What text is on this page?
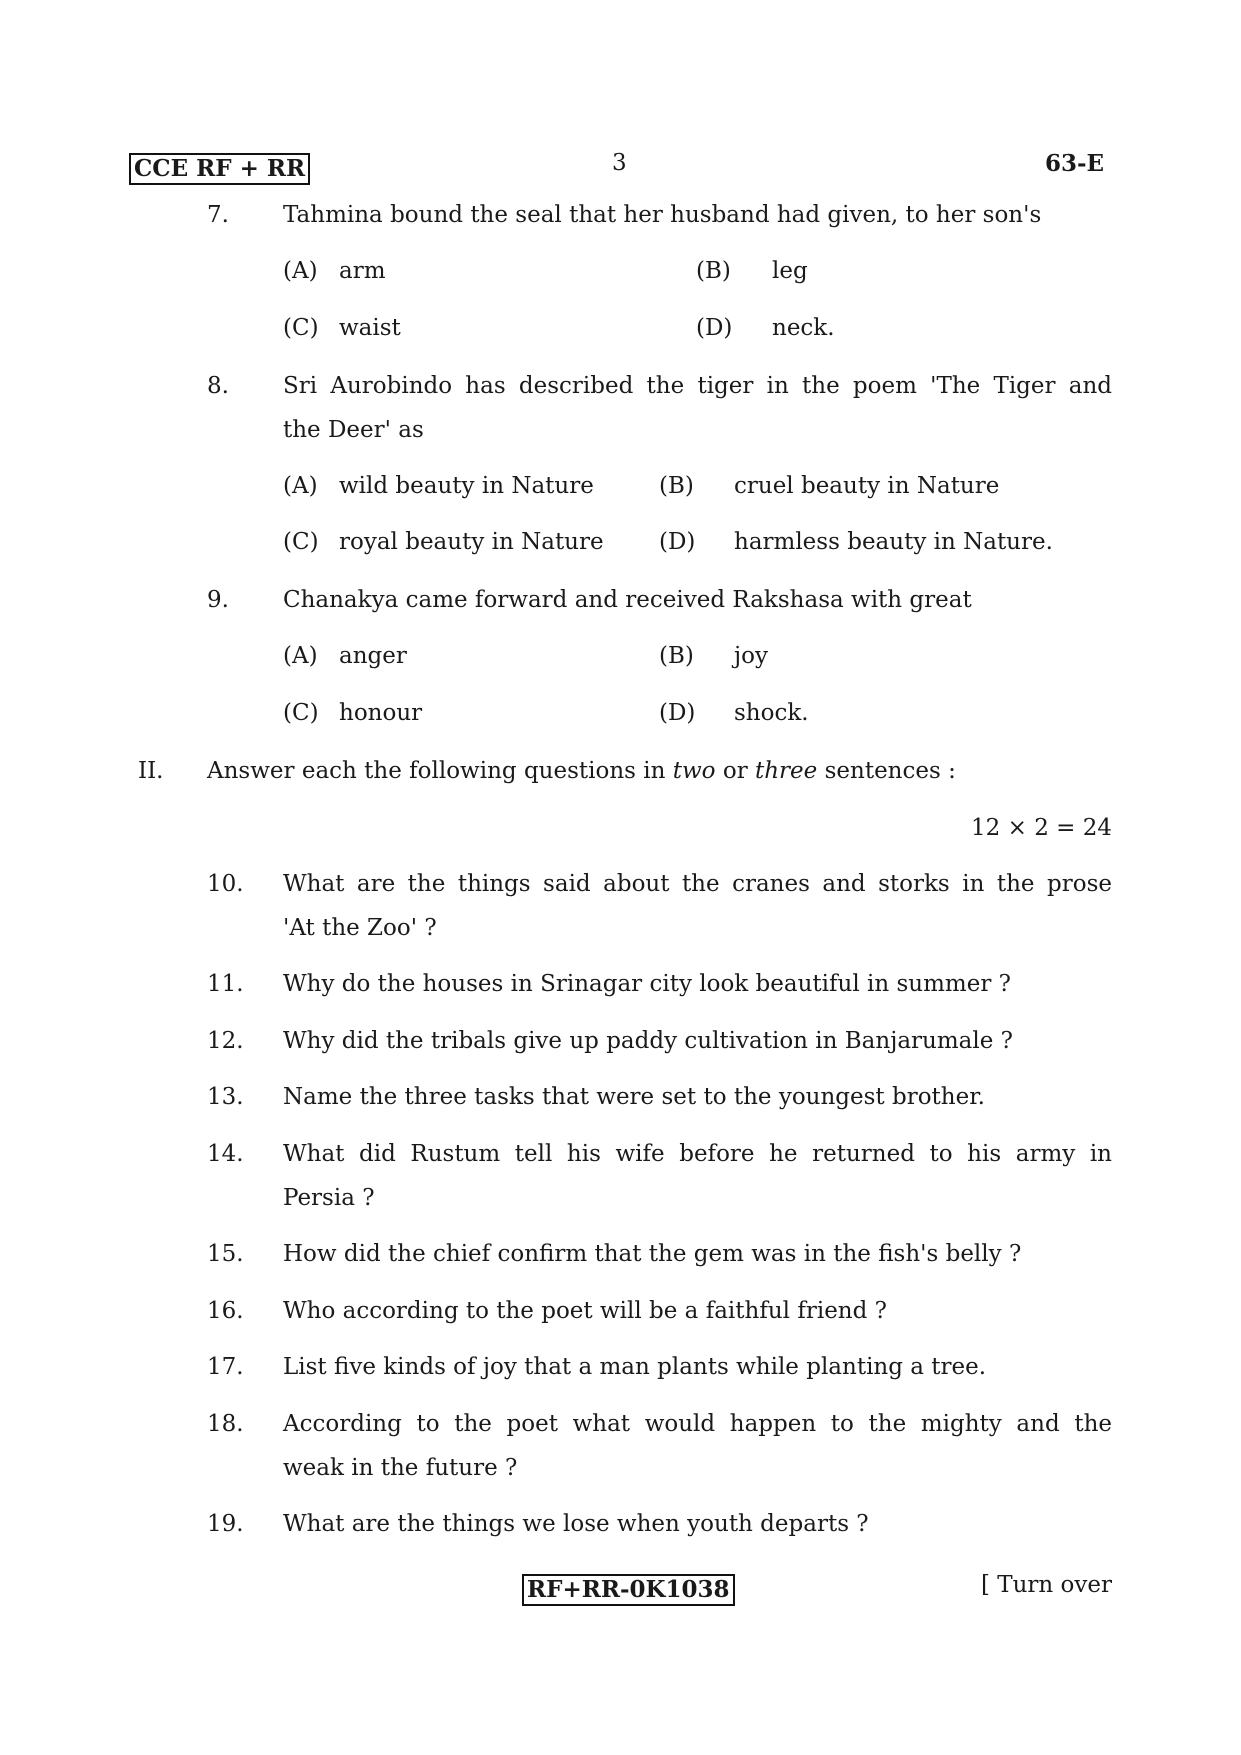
CCE RF + RR	3	63-E
7.	Tahmina bound the seal that her husband had given, to her son's
(A) arm	(B)	leg
(C) waist	(D)	neck.
8.	Sri Aurobindo has described the tiger in the poem 'The Tiger and
the Deer' as
(A) wild beauty in Nature	(B)	cruel beauty in Nature
(C) royal beauty in Nature (D)	harmless beauty in Nature.
9.	Chanakya came forward and received Rakshasa with great
(A) anger	(B)	joy
(C) honour	(D)	shock.
II. Answer each the following questions in two or three sentences :
12 × 2 = 24
10.	What are the things said about the cranes and storks in the prose
'At the Zoo' ?
11.	Why do the houses in Srinagar city look beautiful in summer ?
12.	Why did the tribals give up paddy cultivation in Banjarumale ?
13.	Name the three tasks that were set to the youngest brother.
14.	What did Rustum tell his wife before he returned to his army in
Persia ?
15.	How did the chief confirm that the gem was in the fish's belly ?
16.	Who according to the poet will be a faithful friend ?
17.	List five kinds of joy that a man plants while planting a tree.
18.	According to the poet what would happen to the mighty and the
weak in the future ?
19.	What are the things we lose when youth departs ?
RF+RR-0K1038	[ Turn over
